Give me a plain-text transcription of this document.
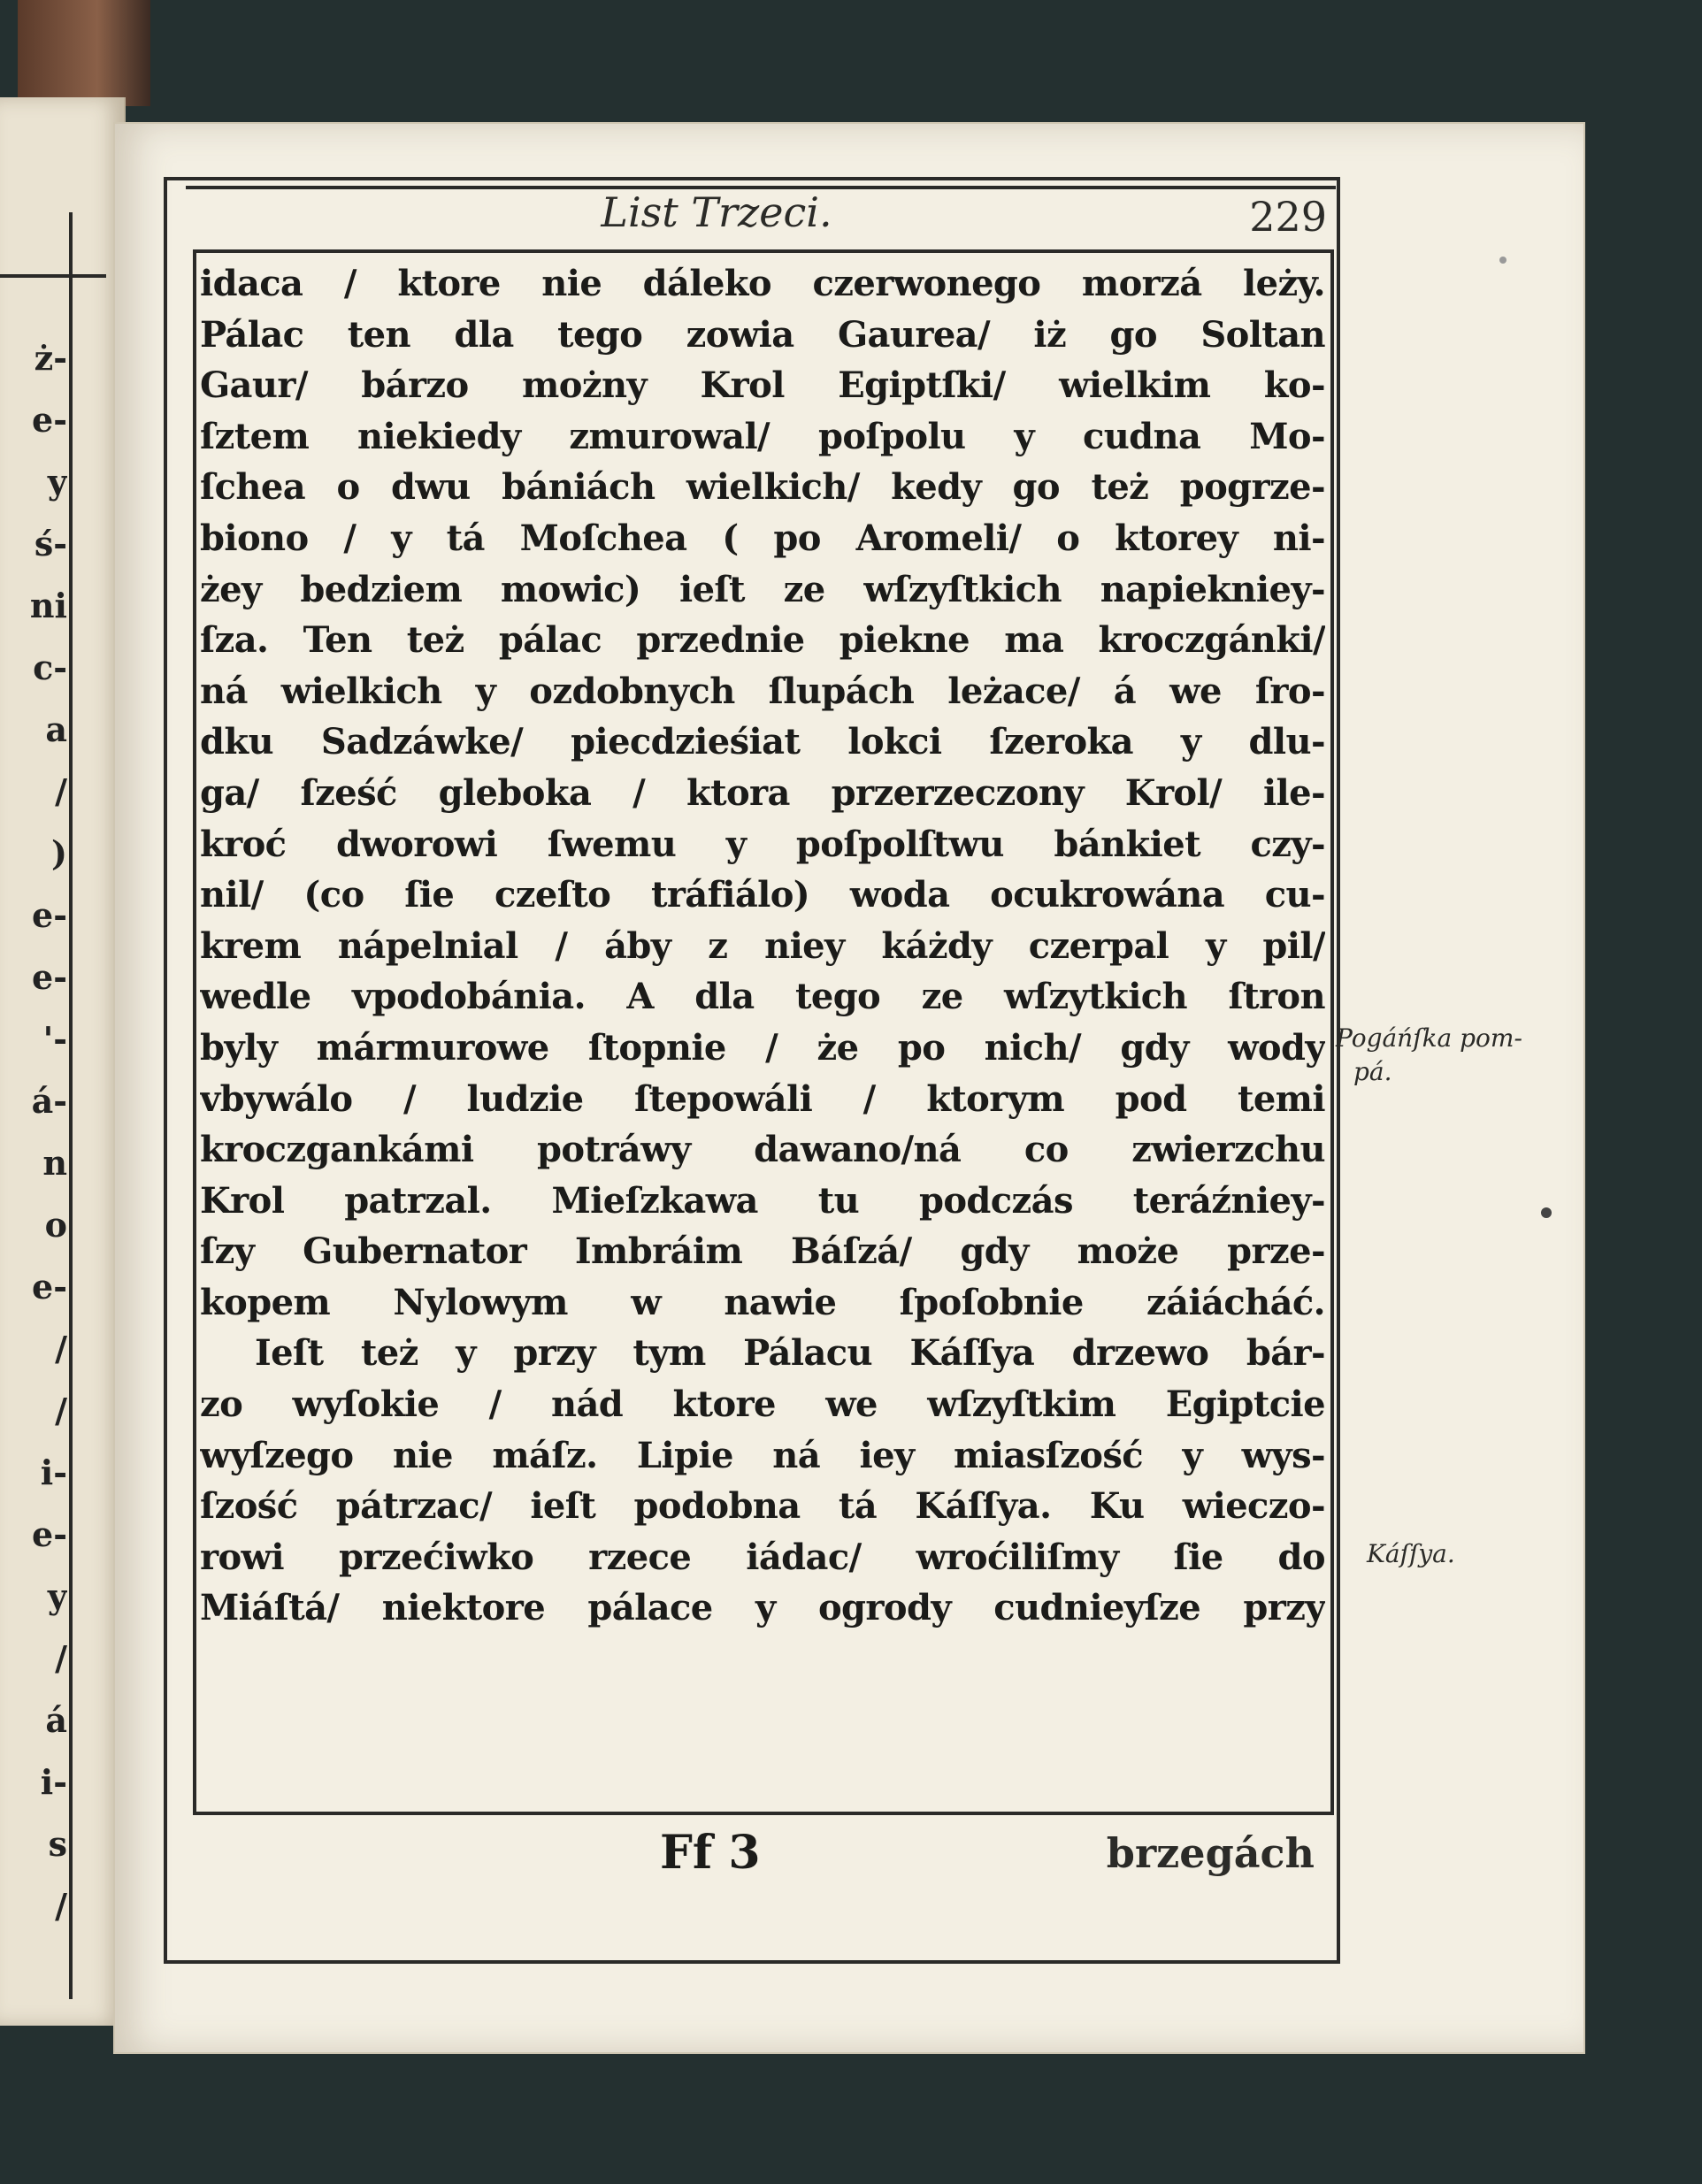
ż-
e-
y
ś-
ni
c-
a
/
)
e-
e-
'-
á-
n
o
e-
/
/
i-
e-
y
/
á
i-
s
/
List Trzeci.	229
idaca / ktore nie dáleko czerwonego morzá leży.
Pálac ten dla tego zowia Gaurea/ iż go Soltan
Gaur/ bárzo możny Krol Egiptſki/ wielkim ko-
ſztem niekiedy zmurowal/ poſpolu y cudna Mo-
ſchea o dwu bániách wielkich/ kedy go też pogrze-
biono / y tá Moſchea ( po Aromeli/ o ktorey ni-
żey bedziem mowic) ieſt ze wſzyſtkich napiekniey-
ſza. Ten też pálac przednie piekne ma kroczgánki/
ná wielkich y ozdobnych ſlupách leżace/ á we ſro-
dku Sadzáwke/ piecdzieśiat lokci ſzeroka y dlu-
ga/ ſześć gleboka / ktora przerzeczony Krol/ ile-
kroć dworowi ſwemu y poſpolſtwu bánkiet czy-
nil/ (co ſie czeſto tráfiálo) woda ocukrowána cu-
krem nápelnial / áby z niey káżdy czerpal y pil/
wedle vpodobánia. A dla tego ze wſzytkich ſtron
byly mármurowe ſtopnie / że po nich/ gdy wody
vbywálo / ludzie ſtepowáli / ktorym pod temi
kroczgankámi potráwy dawano/ná co zwierzchu
Krol patrzal. Mieſzkawa tu podczás teráźniey-
ſzy Gubernator Imbráim Báſzá/ gdy może prze-
kopem Nylowym w nawie ſpoſobnie záiácháć.
Ieſt też y przy tym Pálacu Káſſya drzewo bár-
zo wyſokie / nád ktore we wſzyſtkim Egiptcie
wyſzego nie máſz. Lipie ná iey miasſzość y wys-
ſzość pátrzac/ ieſt podobna tá Káſſya. Ku wieczo-
rowi przećiwko rzece iádac/ wroćiliſmy ſie do
Miáſtá/ niektore pálace y ogrody cudnieyſze przy
Ff 3	brzegách
Pogáńſka pom-
pá.
Káſſya.
